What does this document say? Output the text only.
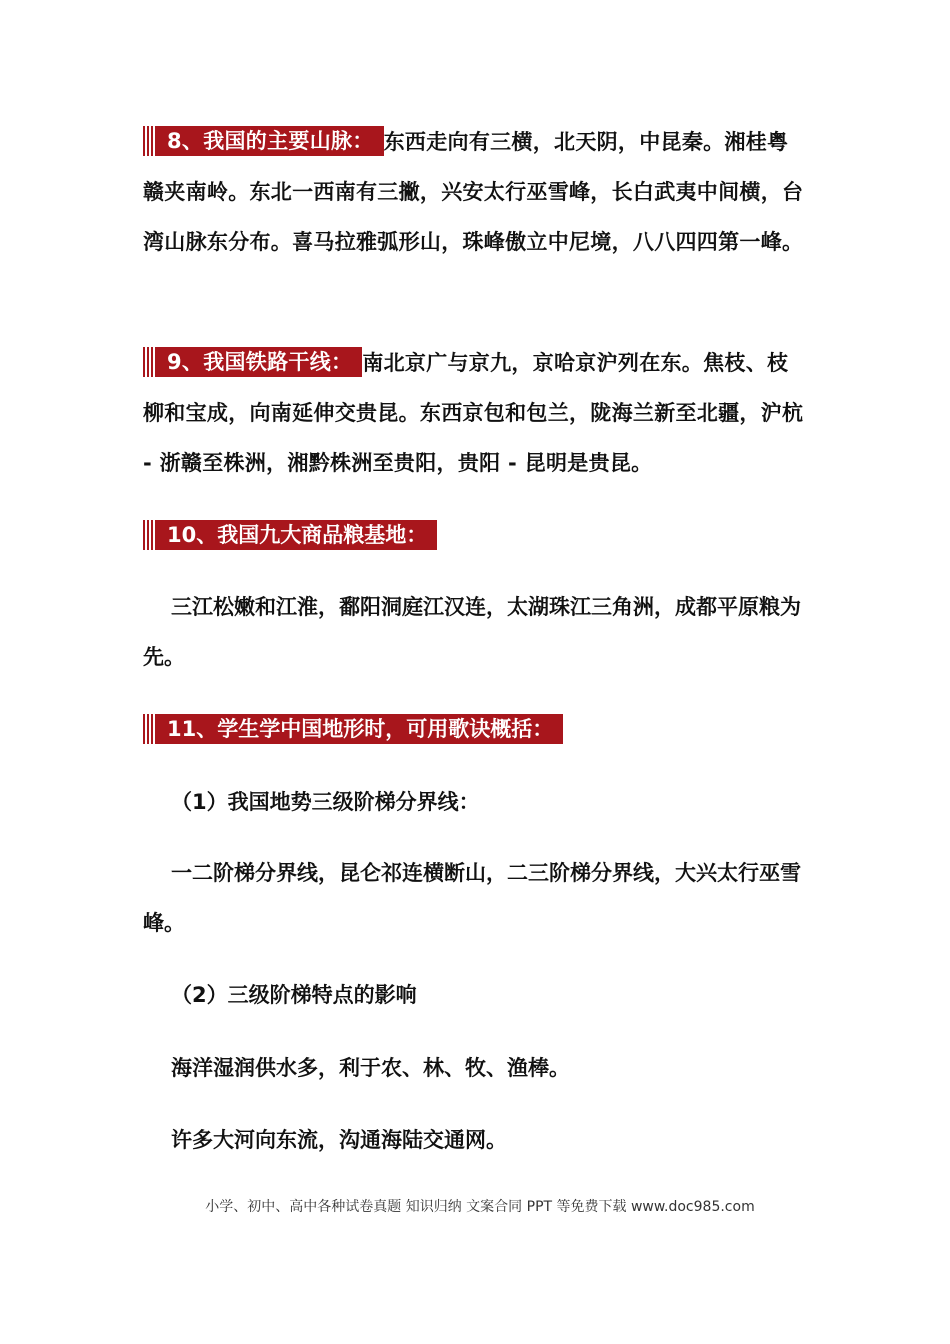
8、我国的主要山脉： 东西走向有三横，北天阴，中昆秦。湘桂粤赣夹南岭。东北一西南有三撇，兴安太行巫雪峰，长白武夷中间横，台湾山脉东分布。喜马拉雅弧形山，珠峰傲立中尼境，八八四四第一峰。

9、我国铁路干线： 南北京广与京九，京哈京沪列在东。焦枝、枝柳和宝成，向南延伸交贵昆。东西京包和包兰，陇海兰新至北疆，沪杭 - 浙赣至株洲，湘黔株洲至贵阳，贵阳 - 昆明是贵昆。

10、我国九大商品粮基地：

三江松嫩和江淮，鄱阳洞庭江汉连，太湖珠江三角洲，成都平原粮为先。

11、学生学中国地形时，可用歌诀概括：
（1）我国地势三级阶梯分界线：

一二阶梯分界线，昆仑祁连横断山，二三阶梯分界线，大兴太行巫雪峰。

（2）三级阶梯特点的影响
海洋湿润供水多，利于农、林、牧、渔棒。
许多大河向东流，沟通海陆交通网。
小学、初中、高中各种试卷真题 知识归纳 文案合同 PPT 等免费下载 www.doc985.com
